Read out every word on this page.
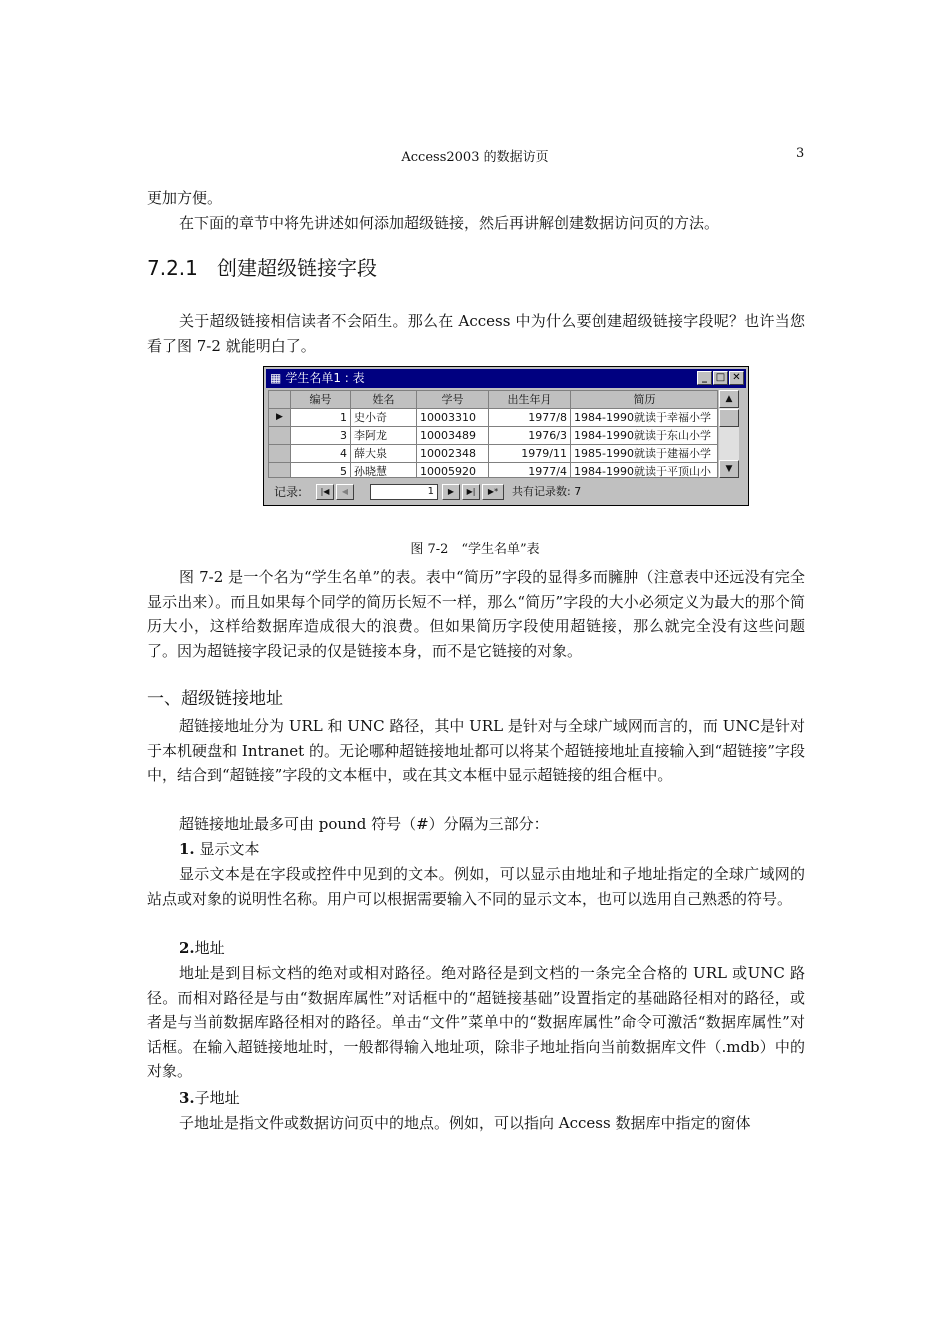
Access2003 的数据访页	3

更加方便。

在下面的章节中将先讲述如何添加超级链接，然后再讲解创建数据访问页的方法。

7.2.1 创建超级链接字段

关于超级链接相信读者不会陌生。那么在 Access 中为什么要创建超级链接字段呢？也许当您看了图 7-2 就能明白了。

▦ 学生名单1 : 表	_ □ ✕
编号	姓名	学号	出生年月	简历
▶	1 史小奇	10003310	1977/8 1984-1990就读于幸福小学
3 李阿龙	10003489	1976/3 1984-1990就读于东山小学
4 薛大泉	10002348	1979/11 1985-1990就读于建福小学
5 孙晓慧	10005920	1977/4 1984-1990就读于平顶山小
▲
▼
记录:	|◀	◀	1	▶	▶|	▶*	共有记录数: 7
图 7-2　“学生名单”表

图 7-2 是一个名为“学生名单”的表。表中“简历”字段的显得多而臃肿（注意表中还远没有完全显示出来）。而且如果每个同学的简历长短不一样，那么“简历”字段的大小必须定义为最大的那个简历大小，这样给数据库造成很大的浪费。但如果简历字段使用超链接，那么就完全没有这些问题了。因为超链接字段记录的仅是链接本身，而不是它链接的对象。

一、超级链接地址

超链接地址分为 URL 和 UNC 路径，其中 URL 是针对与全球广域网而言的，而 UNC是针对于本机硬盘和 Intranet 的。无论哪种超链接地址都可以将某个超链接地址直接输入到“超链接”字段中，结合到“超链接”字段的文本框中，或在其文本框中显示超链接的组合框中。

超链接地址最多可由 pound 符号（#）分隔为三部分：

1. 显示文本

显示文本是在字段或控件中见到的文本。例如，可以显示由地址和子地址指定的全球广域网的站点或对象的说明性名称。用户可以根据需要输入不同的显示文本，也可以选用自己熟悉的符号。

2.地址

地址是到目标文档的绝对或相对路径。绝对路径是到文档的一条完全合格的 URL 或UNC 路径。而相对路径是与由“数据库属性”对话框中的“超链接基础”设置指定的基础路径相对的路径，或者是与当前数据库路径相对的路径。单击“文件”菜单中的“数据库属性”命令可激活“数据库属性”对话框。在输入超链接地址时，一般都得输入地址项，除非子地址指向当前数据库文件（.mdb）中的对象。

3.子地址

子地址是指文件或数据访问页中的地点。例如，可以指向 Access 数据库中指定的窗体
